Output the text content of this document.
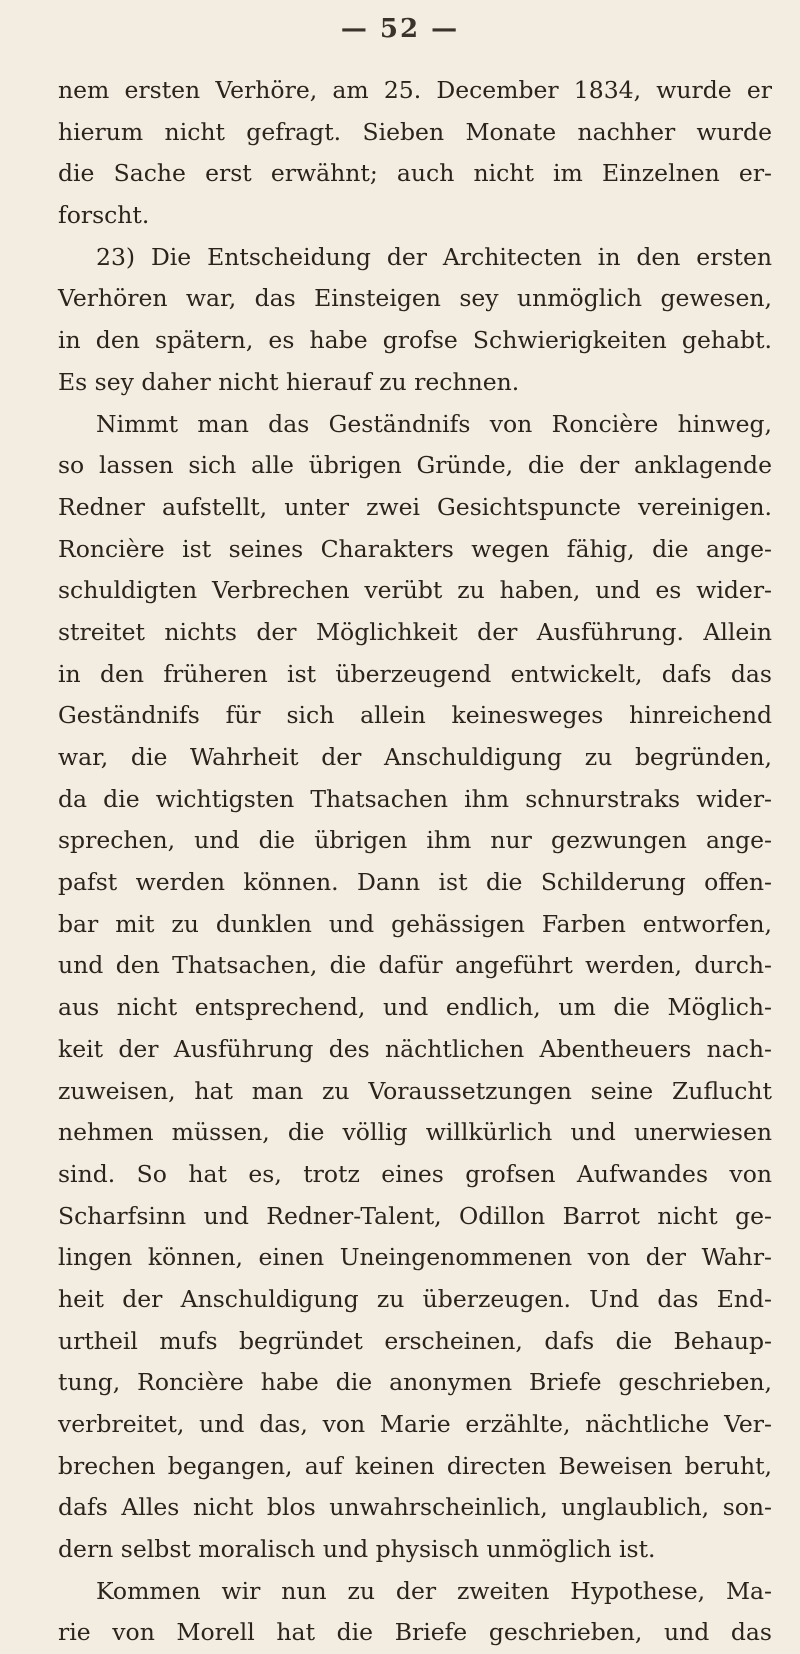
— 52 —
nem ersten Verhöre, am 25. December 1834, wurde er
hierum nicht gefragt. Sieben Monate nachher wurde
die Sache erst erwähnt; auch nicht im Einzelnen er-
forscht.
23) Die Entscheidung der Architecten in den ersten
Verhören war, das Einsteigen sey unmöglich gewesen,
in den spätern, es habe grofse Schwierigkeiten gehabt.
Es sey daher nicht hierauf zu rechnen.
Nimmt man das Geständnifs von Roncière hinweg,
so lassen sich alle übrigen Gründe, die der anklagende
Redner aufstellt, unter zwei Gesichtspuncte vereinigen.
Roncière ist seines Charakters wegen fähig, die ange-
schuldigten Verbrechen verübt zu haben, und es wider-
streitet nichts der Möglichkeit der Ausführung. Allein
in den früheren ist überzeugend entwickelt, dafs das
Geständnifs für sich allein keinesweges hinreichend
war, die Wahrheit der Anschuldigung zu begründen,
da die wichtigsten Thatsachen ihm schnurstraks wider-
sprechen, und die übrigen ihm nur gezwungen ange-
pafst werden können. Dann ist die Schilderung offen-
bar mit zu dunklen und gehässigen Farben entworfen,
und den Thatsachen, die dafür angeführt werden, durch-
aus nicht entsprechend, und endlich, um die Möglich-
keit der Ausführung des nächtlichen Abentheuers nach-
zuweisen, hat man zu Voraussetzungen seine Zuflucht
nehmen müssen, die völlig willkürlich und unerwiesen
sind. So hat es, trotz eines grofsen Aufwandes von
Scharfsinn und Redner-Talent, Odillon Barrot nicht ge-
lingen können, einen Uneingenommenen von der Wahr-
heit der Anschuldigung zu überzeugen. Und das End-
urtheil mufs begründet erscheinen, dafs die Behaup-
tung, Roncière habe die anonymen Briefe geschrieben,
verbreitet, und das, von Marie erzählte, nächtliche Ver-
brechen begangen, auf keinen directen Beweisen beruht,
dafs Alles nicht blos unwahrscheinlich, unglaublich, son-
dern selbst moralisch und physisch unmöglich ist.
Kommen wir nun zu der zweiten Hypothese, Ma-
rie von Morell hat die Briefe geschrieben, und das
